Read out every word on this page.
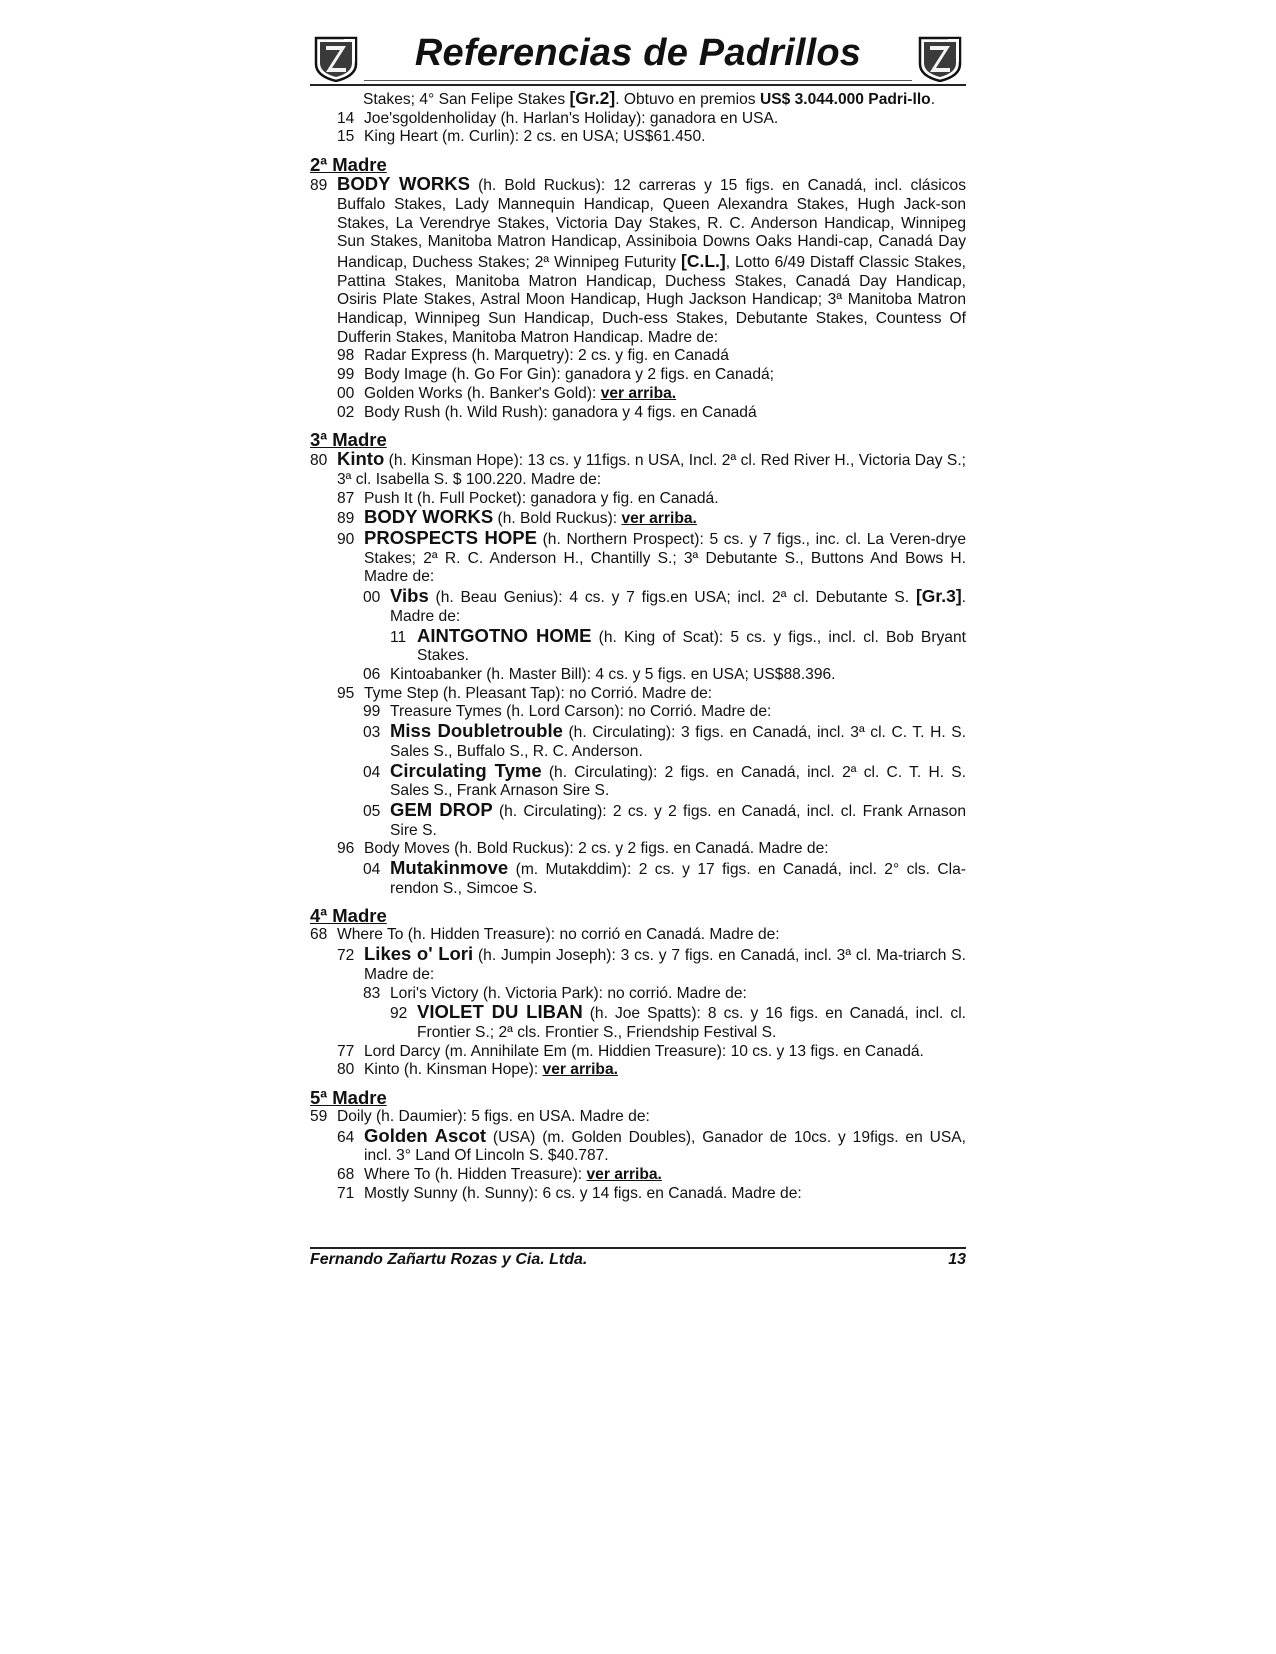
Referencias de Padrillos
Stakes; 4° San Felipe Stakes [Gr.2]. Obtuvo en premios US$ 3.044.000 Padri-llo.
14 Joe'sgoldenholiday (h. Harlan's Holiday): ganadora en USA.
15 King Heart (m. Curlin): 2 cs. en USA; US$61.450.
2ª Madre
89 BODY WORKS (h. Bold Ruckus): 12 carreras y 15 figs. en Canadá, incl. clásicos Buffalo Stakes, Lady Mannequin Handicap, Queen Alexandra Stakes, Hugh Jack-son Stakes, La Verendrye Stakes, Victoria Day Stakes, R. C. Anderson Handicap, Winnipeg Sun Stakes, Manitoba Matron Handicap, Assiniboia Downs Oaks Handi-cap, Canadá Day Handicap, Duchess Stakes; 2ª Winnipeg Futurity [C.L.], Lotto 6/49 Distaff Classic Stakes, Pattina Stakes, Manitoba Matron Handicap, Duchess Stakes, Canadá Day Handicap, Osiris Plate Stakes, Astral Moon Handicap, Hugh Jackson Handicap; 3ª Manitoba Matron Handicap, Winnipeg Sun Handicap, Duch-ess Stakes, Debutante Stakes, Countess Of Dufferin Stakes, Manitoba Matron Handicap. Madre de:
98 Radar Express (h. Marquetry): 2 cs. y fig. en Canadá
99 Body Image (h. Go For Gin): ganadora y 2 figs. en Canadá;
00 Golden Works (h. Banker's Gold): ver arriba.
02 Body Rush (h. Wild Rush): ganadora y 4 figs. en Canadá
3ª Madre
80 Kinto (h. Kinsman Hope): 13 cs. y 11figs. n USA, Incl. 2ª cl. Red River H., Victoria Day S.; 3ª cl. Isabella S. $ 100.220. Madre de:
87 Push It (h. Full Pocket): ganadora y fig. en Canadá.
89 BODY WORKS (h. Bold Ruckus): ver arriba.
90 PROSPECTS HOPE (h. Northern Prospect): 5 cs. y 7 figs., inc. cl. La Veren-drye Stakes; 2ª R. C. Anderson H., Chantilly S.; 3ª Debutante S., Buttons And Bows H. Madre de:
00 Vibs (h. Beau Genius): 4 cs. y 7 figs.en USA; incl. 2ª cl. Debutante S. [Gr.3]. Madre de:
11 AINTGOTNO HOME (h. King of Scat): 5 cs. y figs., incl. cl. Bob Bryant Stakes.
06 Kintoabanker (h. Master Bill): 4 cs. y 5 figs. en USA; US$88.396.
95 Tyme Step (h. Pleasant Tap): no Corrió. Madre de:
99 Treasure Tymes (h. Lord Carson): no Corrió. Madre de:
03 Miss Doubletrouble (h. Circulating): 3 figs. en Canadá, incl. 3ª cl. C. T. H. S. Sales S., Buffalo S., R. C. Anderson.
04 Circulating Tyme (h. Circulating): 2 figs. en Canadá, incl. 2ª cl. C. T. H. S. Sales S., Frank Arnason Sire S.
05 GEM DROP (h. Circulating): 2 cs. y 2 figs. en Canadá, incl. cl. Frank Arnason Sire S.
96 Body Moves (h. Bold Ruckus): 2 cs. y 2 figs. en Canadá. Madre de:
04 Mutakinmove (m. Mutakddim): 2 cs. y 17 figs. en Canadá, incl. 2° cls. Cla-rendon S., Simcoe S.
4ª Madre
68 Where To (h. Hidden Treasure): no corrió en Canadá. Madre de:
72 Likes o' Lori (h. Jumpin Joseph): 3 cs. y 7 figs. en Canadá, incl. 3ª cl. Ma-triarch S. Madre de:
83 Lori's Victory (h. Victoria Park): no corrió. Madre de:
92 VIOLET DU LIBAN (h. Joe Spatts): 8 cs. y 16 figs. en Canadá, incl. cl. Frontier S.; 2ª cls. Frontier S., Friendship Festival S.
77 Lord Darcy (m. Annihilate Em (m. Hiddien Treasure): 10 cs. y 13 figs. en Canadá.
80 Kinto (h. Kinsman Hope): ver arriba.
5ª Madre
59 Doily (h. Daumier): 5 figs. en USA. Madre de:
64 Golden Ascot (USA) (m. Golden Doubles), Ganador de 10cs. y 19figs. en USA, incl. 3° Land Of Lincoln S. $40.787.
68 Where To (h. Hidden Treasure): ver arriba.
71 Mostly Sunny (h. Sunny): 6 cs. y 14 figs. en Canadá. Madre de:
Fernando Zañartu Rozas y Cia. Ltda.	13
